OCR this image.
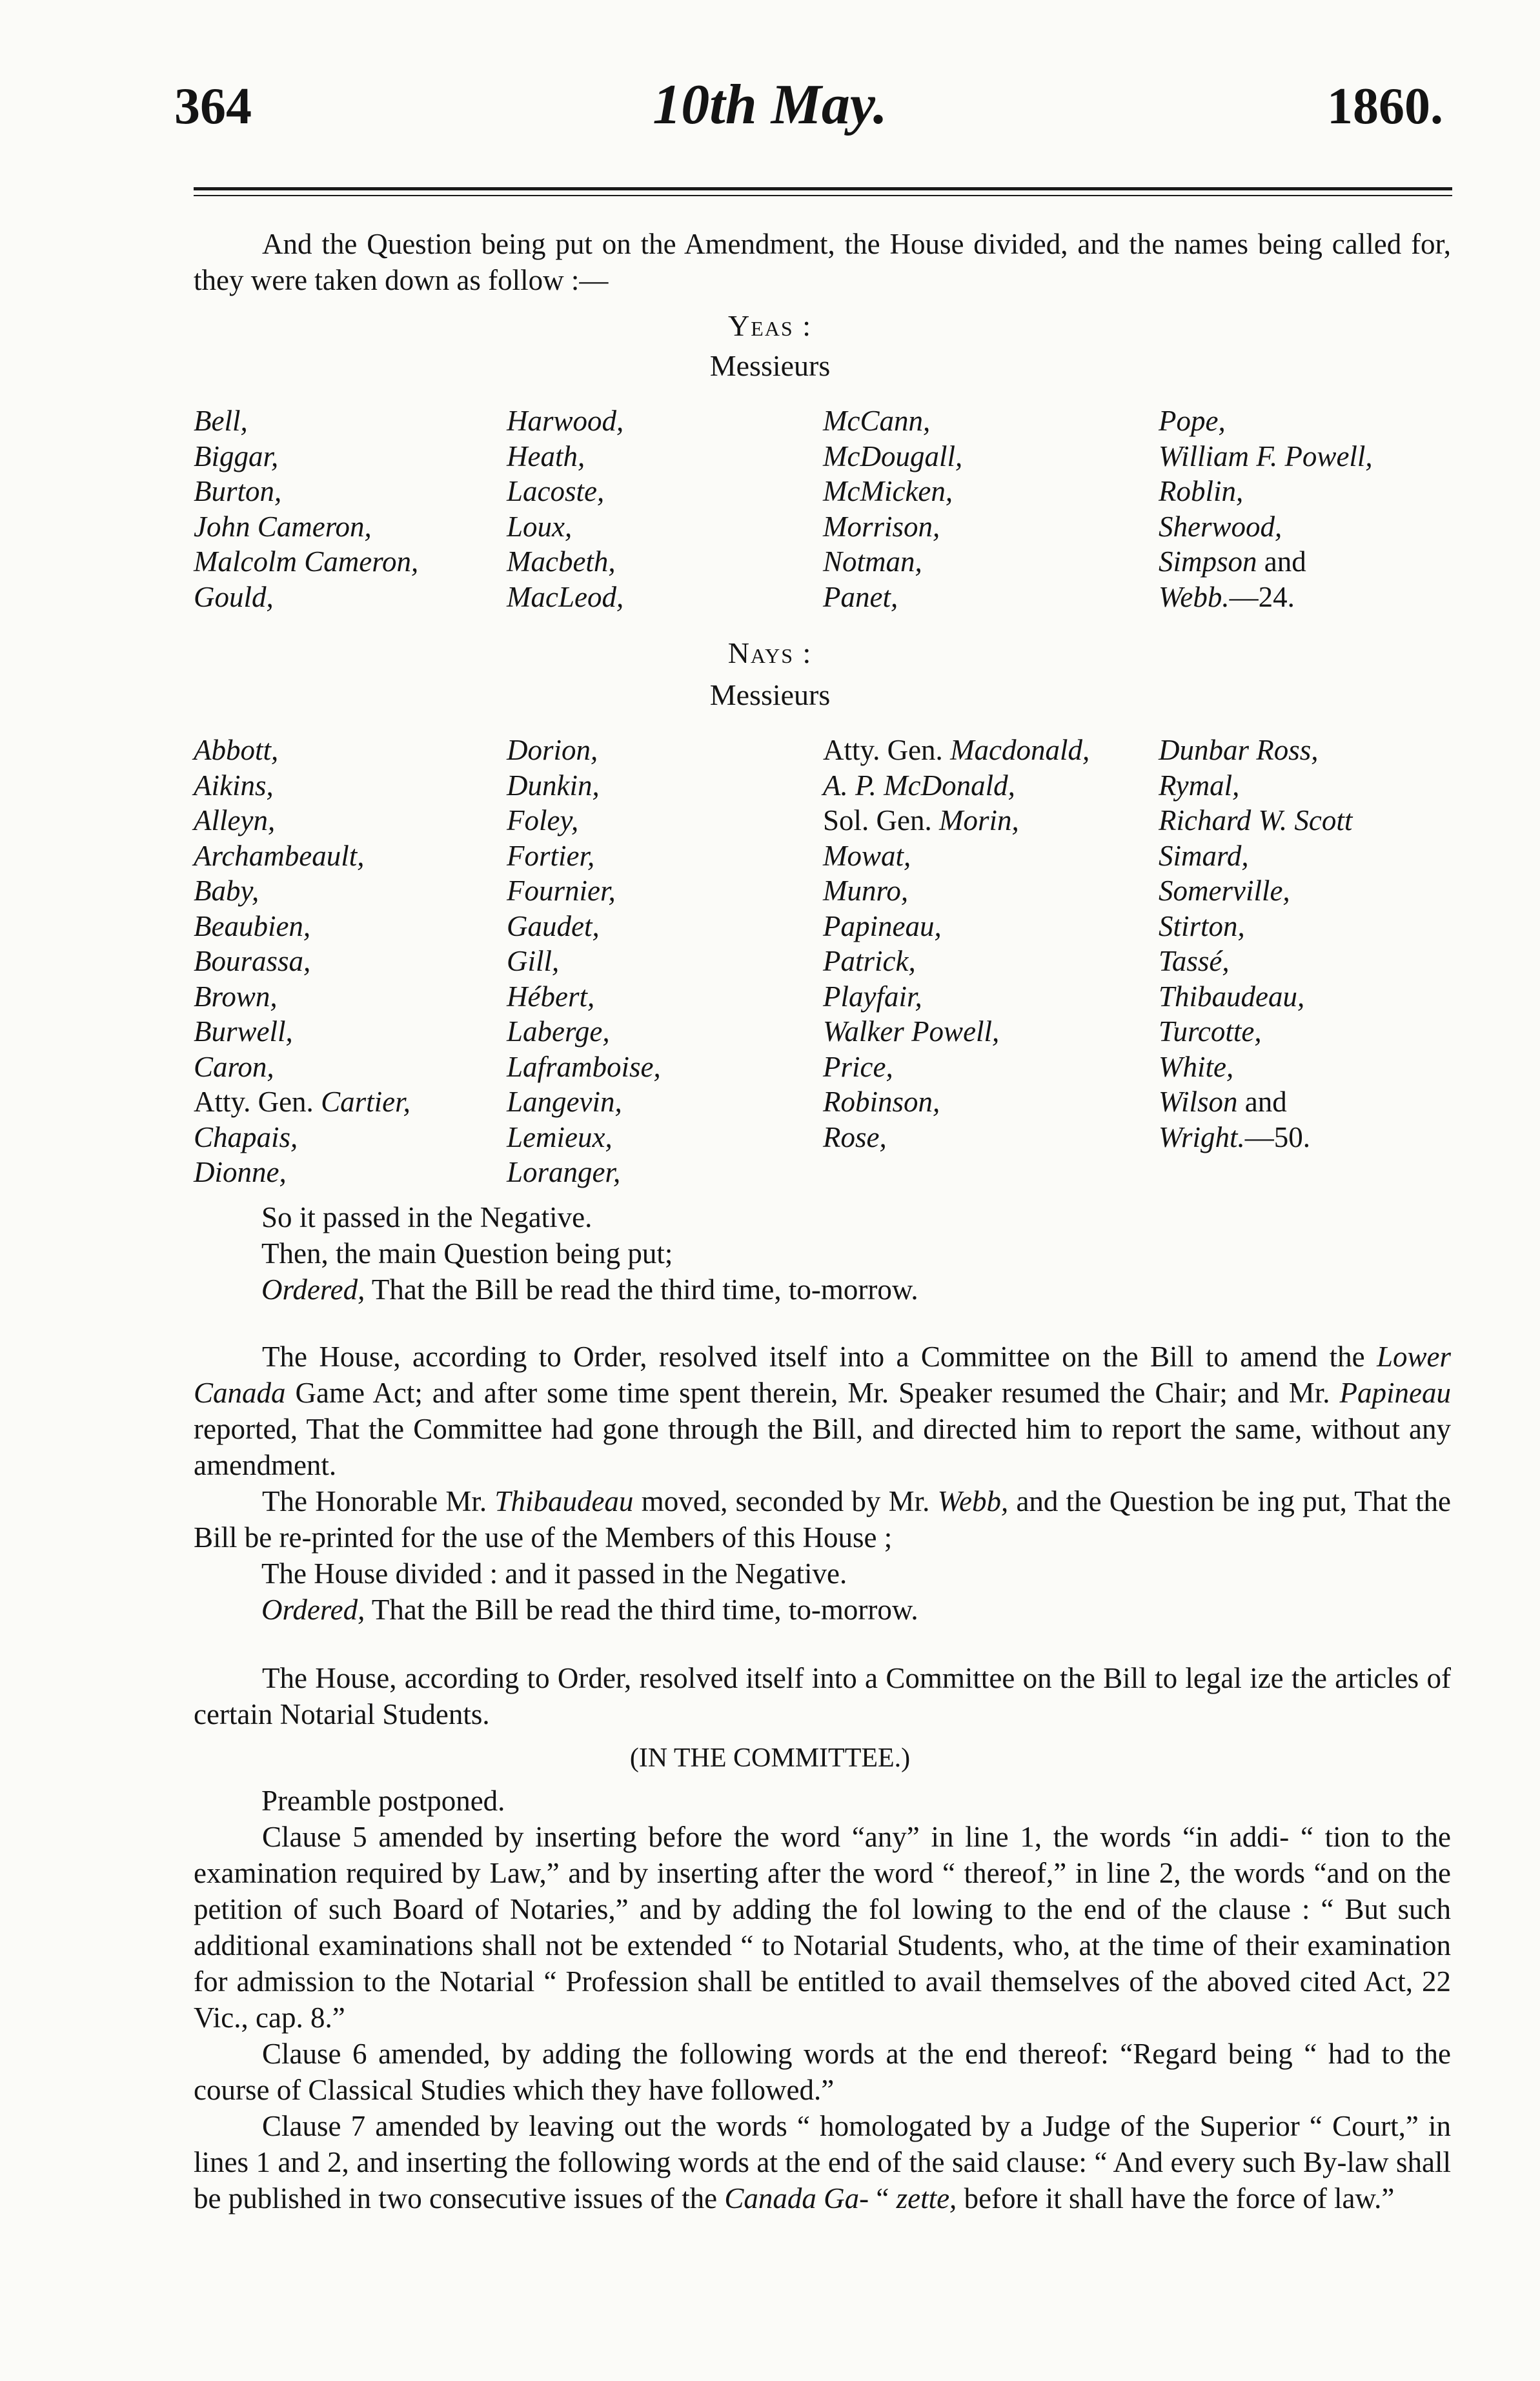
364	10th May.	1860.
And the Question being put on the Amendment, the House divided, and the names being called for, they were taken down as follow :—
Yeas :
Messieurs
Bell,	Harwood,	McCann,	Pope,
Biggar,	Heath,	McDougall,	William F. Powell,
Burton,	Lacoste,	McMicken,	Roblin,
John Cameron,	Loux,	Morrison,	Sherwood,
Malcolm Cameron,	Macbeth,	Notman,	Simpson and
Gould,	MacLeod,	Panet,	Webb.—24.
Nays :
Messieurs
Abbott,	Dorion,	Atty. Gen. Macdonald,	Dunbar Ross,
Aikins,	Dunkin,	A. P. McDonald,	Rymal,
Alleyn,	Foley,	Sol. Gen. Morin,	Richard W. Scott
Archambeault,	Fortier,	Mowat,	Simard,
Baby,	Fournier,	Munro,	Somerville,
Beaubien,	Gaudet,	Papineau,	Stirton,
Bourassa,	Gill,	Patrick,	Tassé,
Brown,	Hébert,	Playfair,	Thibaudeau,
Burwell,	Laberge,	Walker Powell,	Turcotte,
Caron,	Laframboise,	Price,	White,
Atty. Gen. Cartier,	Langevin,	Robinson,	Wilson and
Chapais,	Lemieux,	Rose,	Wright.—50.
Dionne,	Loranger,
So it passed in the Negative.
Then, the main Question being put;
Ordered, That the Bill be read the third time, to-morrow.
The House, according to Order, resolved itself into a Committee on the Bill to amend the Lower Canada Game Act; and after some time spent therein, Mr. Speaker resumed the Chair; and Mr. Papineau reported, That the Committee had gone through the Bill, and directed him to report the same, without any amendment.
The Honorable Mr. Thibaudeau moved, seconded by Mr. Webb, and the Question be ing put, That the Bill be re-printed for the use of the Members of this House ;
The House divided : and it passed in the Negative.
Ordered, That the Bill be read the third time, to-morrow.
The House, according to Order, resolved itself into a Committee on the Bill to legal ize the articles of certain Notarial Students.
(IN THE COMMITTEE.)
Preamble postponed.
Clause 5 amended by inserting before the word “any” in line 1, the words “in addi- “ tion to the examination required by Law,” and by inserting after the word “ thereof,” in line 2, the words “and on the petition of such Board of Notaries,” and by adding the fol lowing to the end of the clause : “ But such additional examinations shall not be extended “ to Notarial Students, who, at the time of their examination for admission to the Notarial “ Profession shall be entitled to avail themselves of the aboved cited Act, 22 Vic., cap. 8.”
Clause 6 amended, by adding the following words at the end thereof: “Regard being “ had to the course of Classical Studies which they have followed.”
Clause 7 amended by leaving out the words “ homologated by a Judge of the Superior “ Court,” in lines 1 and 2, and inserting the following words at the end of the said clause: “ And every such By-law shall be published in two consecutive issues of the Canada Ga- “ zette, before it shall have the force of law.”
